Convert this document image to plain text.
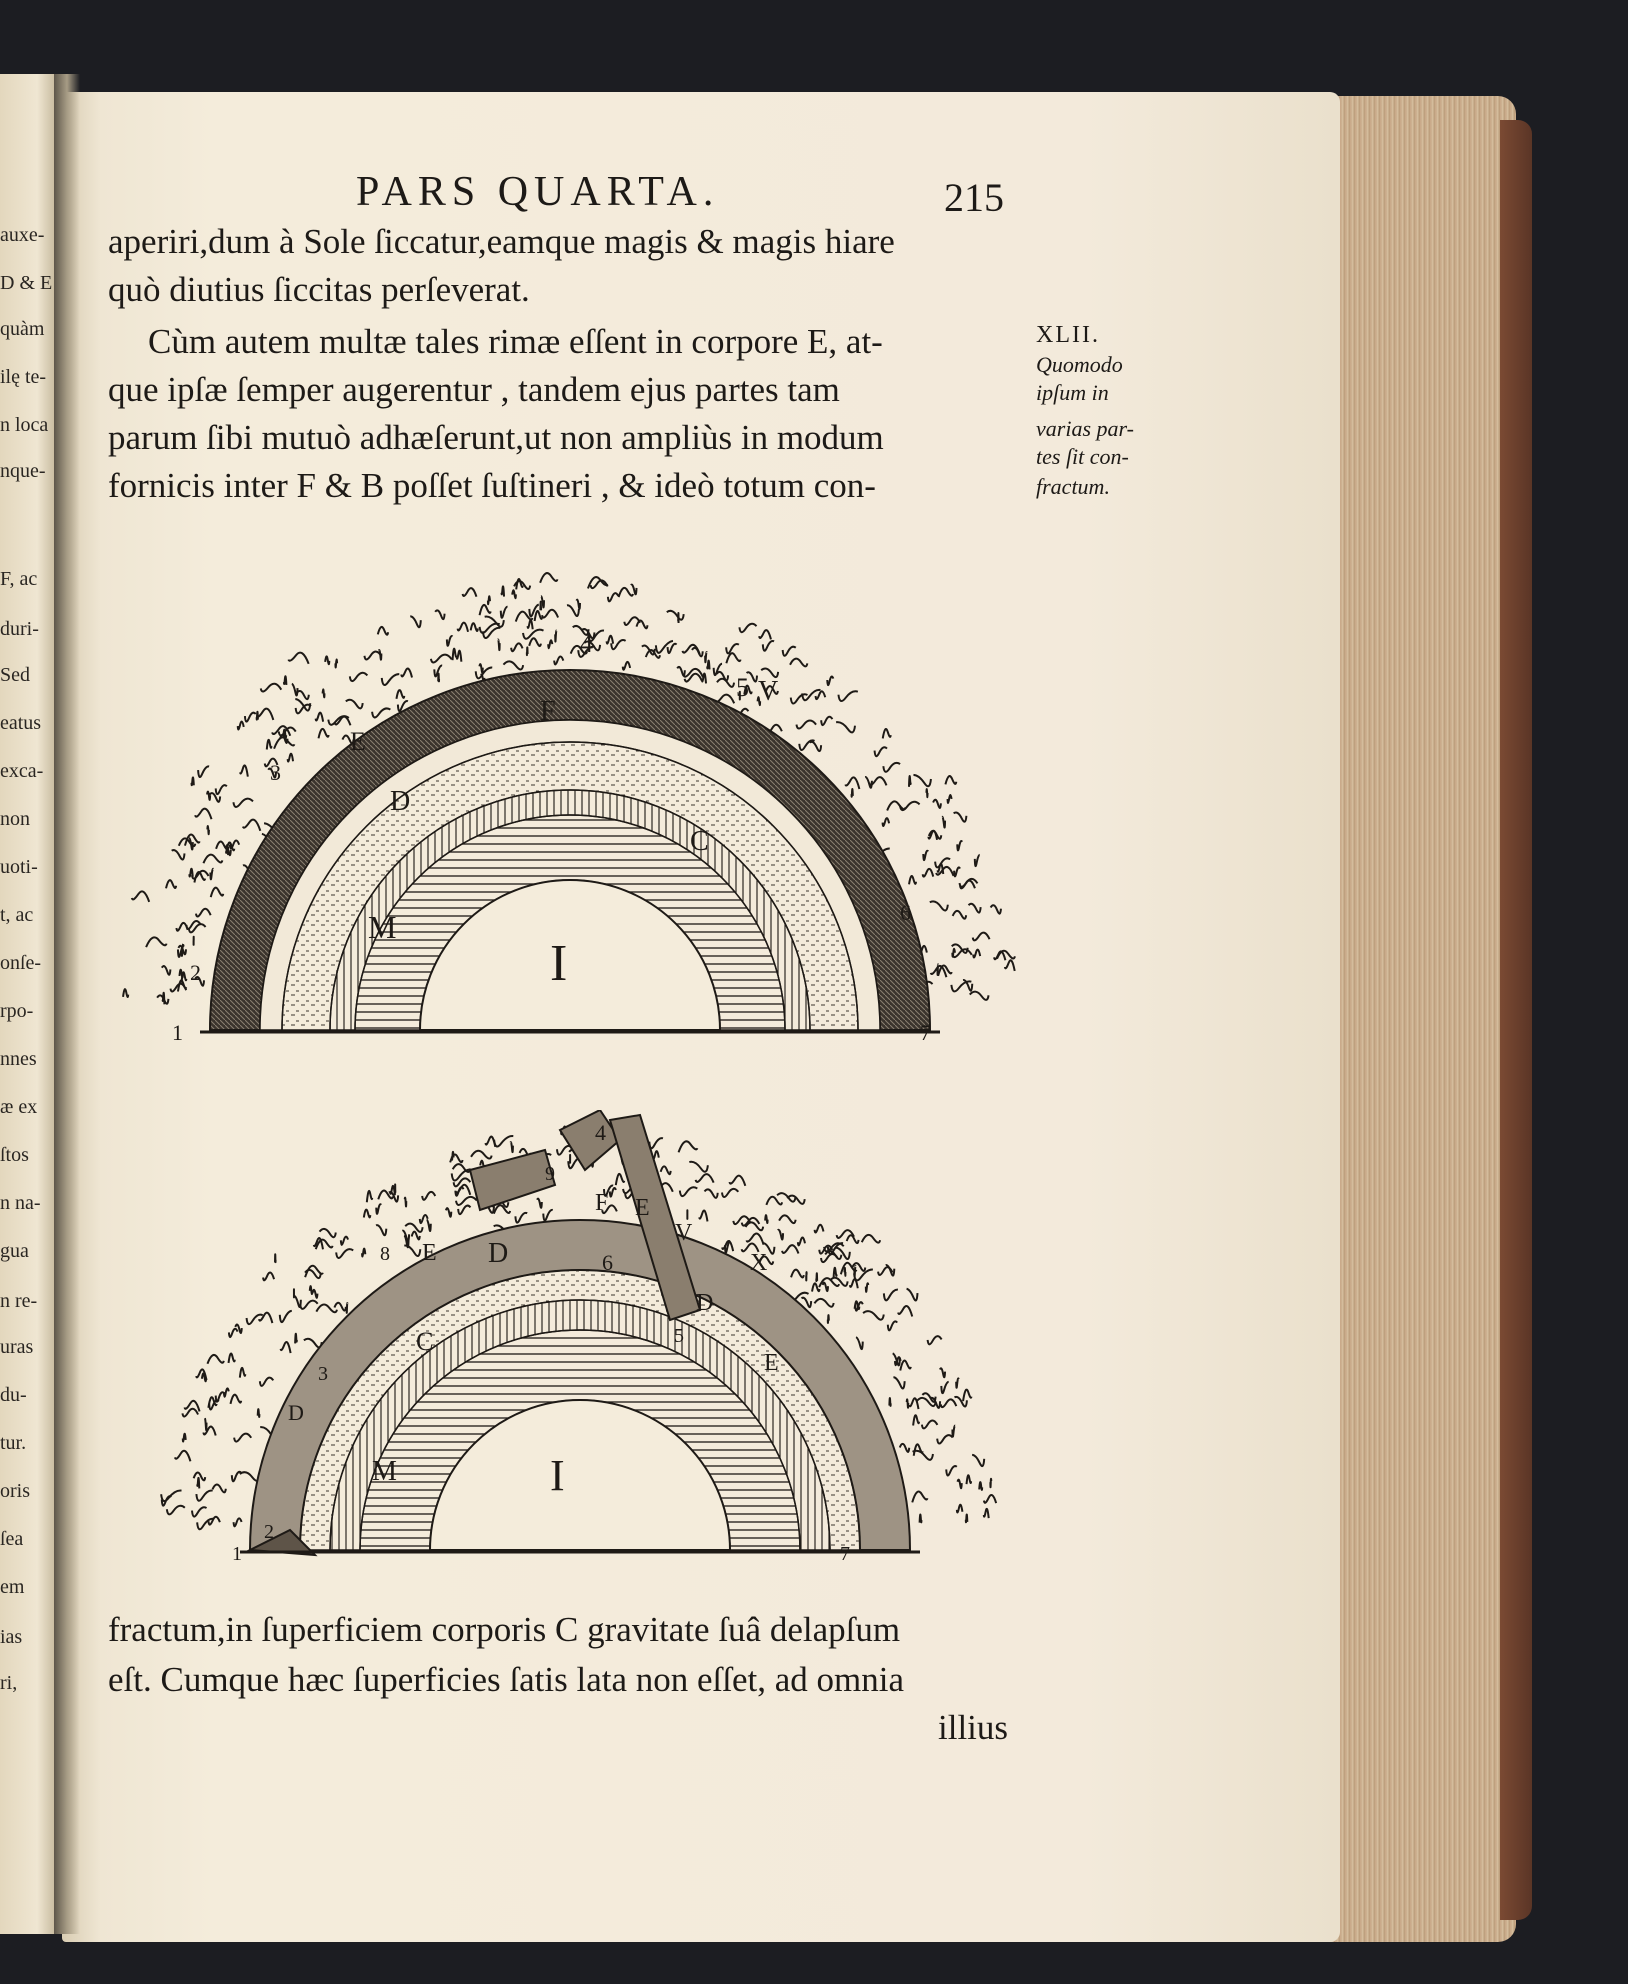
auxe-
D & E
quàm
ilę te-
n loca
nque-
F, ac
duri-
Sed
eatus
exca-
non
uoti-
t, ac
onſe-
rpo-
nnes
æ ex
ſtos
n na-
gua
n re-
uras
du-
tur.
oris
ſea
em
ias
ri,
PARS QUARTA.	215
aperiri,dum à Sole ſiccatur,eamque magis & magis hiare
quò diutius ſiccitas perſeverat.
Cùm autem multæ tales rimæ eſſent in corpore E, at-
que ipſæ ſemper augerentur , tandem ejus partes tam
parum ſibi mutuò adhæſerunt,ut non ampliùs in modum
fornicis inter F & B poſſet ſuſtineri , & ideò totum con-
XLII.
Quomodo
ipſum in
varias par-
tes ſit con-
fractum.
4
5 V
F
E
3
D
C
M
I
2
1
6
7
4
9
F E
V
X
8 E D	6
D
5
E
C
3
D
M	I
2
1	7
fractum,in ſuperficiem corporis C gravitate ſuâ delapſum
eſt. Cumque hæc ſuperficies ſatis lata non eſſet, ad omnia
illius
